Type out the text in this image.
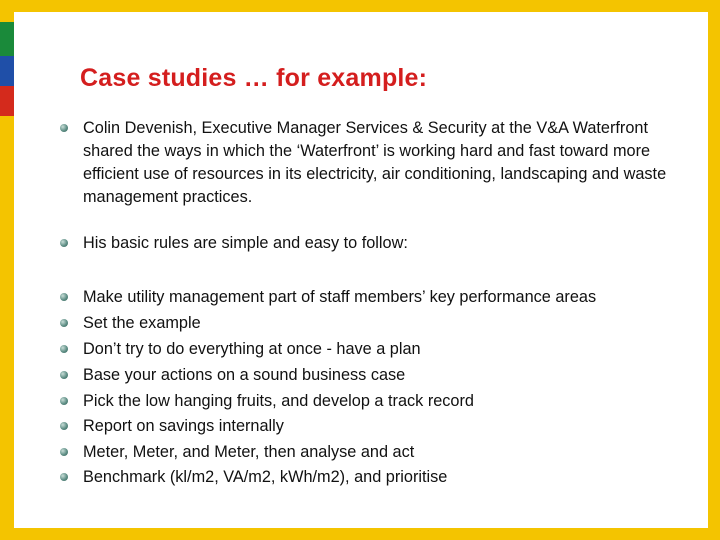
Case studies … for example:
Colin Devenish, Executive Manager Services & Security at the V&A Waterfront shared the ways in which the ‘Waterfront’ is working hard and fast toward more efficient use of resources in its electricity, air conditioning, landscaping and waste management practices.
His basic rules are simple and easy to follow:
Make utility management part of staff members’ key performance areas
Set the example
Don’t try to do everything at once - have a plan
Base your actions on a sound business case
Pick the low hanging fruits, and develop a track record
Report on savings internally
Meter, Meter, and Meter, then analyse and act
Benchmark (kl/m2, VA/m2, kWh/m2), and prioritise
